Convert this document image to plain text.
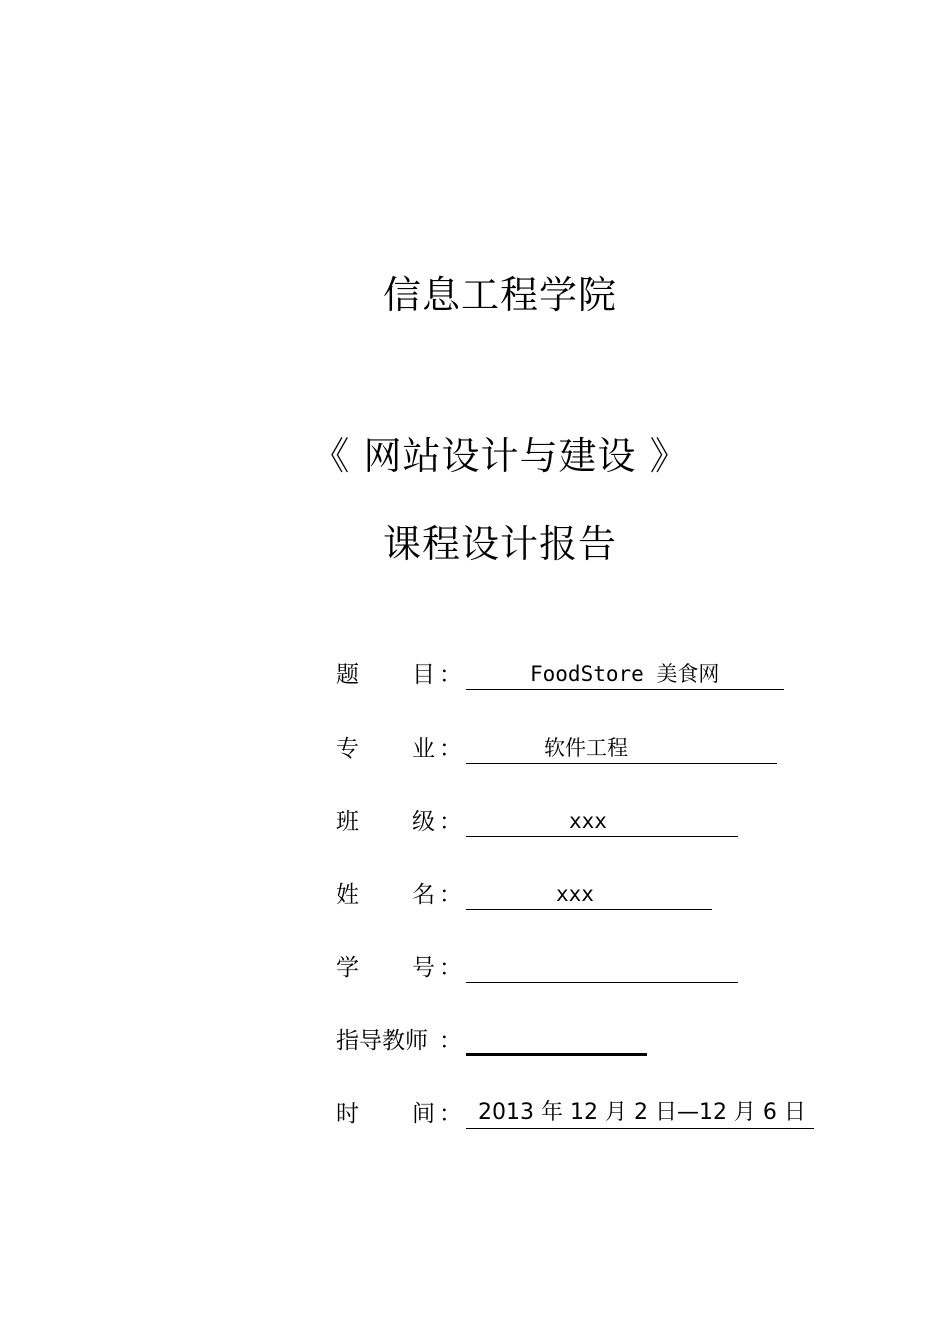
信息工程学院
《 网站设计与建设 》
课程设计报告
题 目 ：	FoodStore 美食网
专 业 ：	软件工程
班 级 ：	xxx
姓 名 ：	xxx
学 号 ：
指导教师 ：
时 间 ： 2013 年 12 月 2 日—12 月 6 日
